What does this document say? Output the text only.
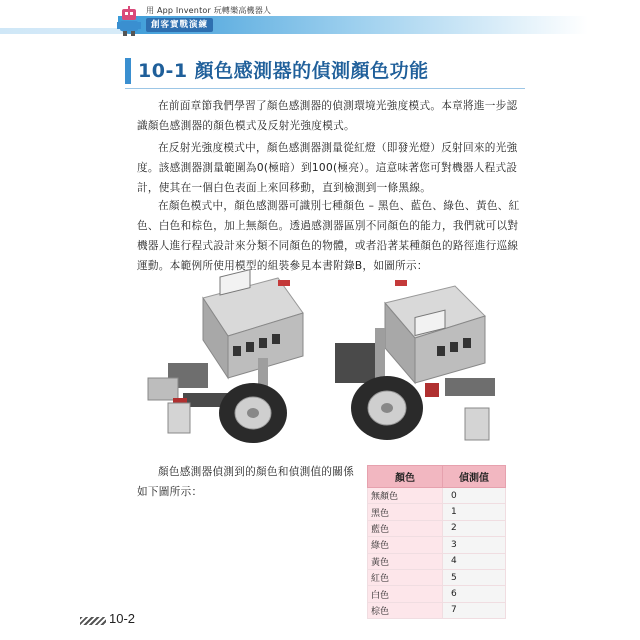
用 App Inventor 玩轉樂高機器人
創客實戰演練
10-1 顏色感測器的偵測顏色功能

在前面章節我們學習了顏色感測器的偵測環境光強度模式。本章將進一步認識顏色感測器的顏色模式及反射光強度模式。

在反射光強度模式中，顏色感測器測量從紅燈（即發光燈）反射回來的光強度。該感測器測量範圍為0(極暗）到100(極亮）。這意味著您可對機器人程式設計，使其在一個白色表面上來回移動，直到檢測到一條黑線。

在顏色模式中，顏色感測器可識別七種顏色 – 黑色、藍色、綠色、黃色、紅色、白色和棕色，加上無顏色。透過感測器區別不同顏色的能力，我們就可以對機器人進行程式設計來分類不同顏色的物體，或者沿著某種顏色的路徑進行巡線運動。本範例所使用模型的組裝參見本書附錄B，如圖所示：

顏色感測器偵測到的顏色和偵測值的關係如下圖所示：

顏色	偵測值
無顏色	0
黑色	1
藍色	2
綠色	3
黃色	4
紅色	5
白色	6
棕色	7
10-2
